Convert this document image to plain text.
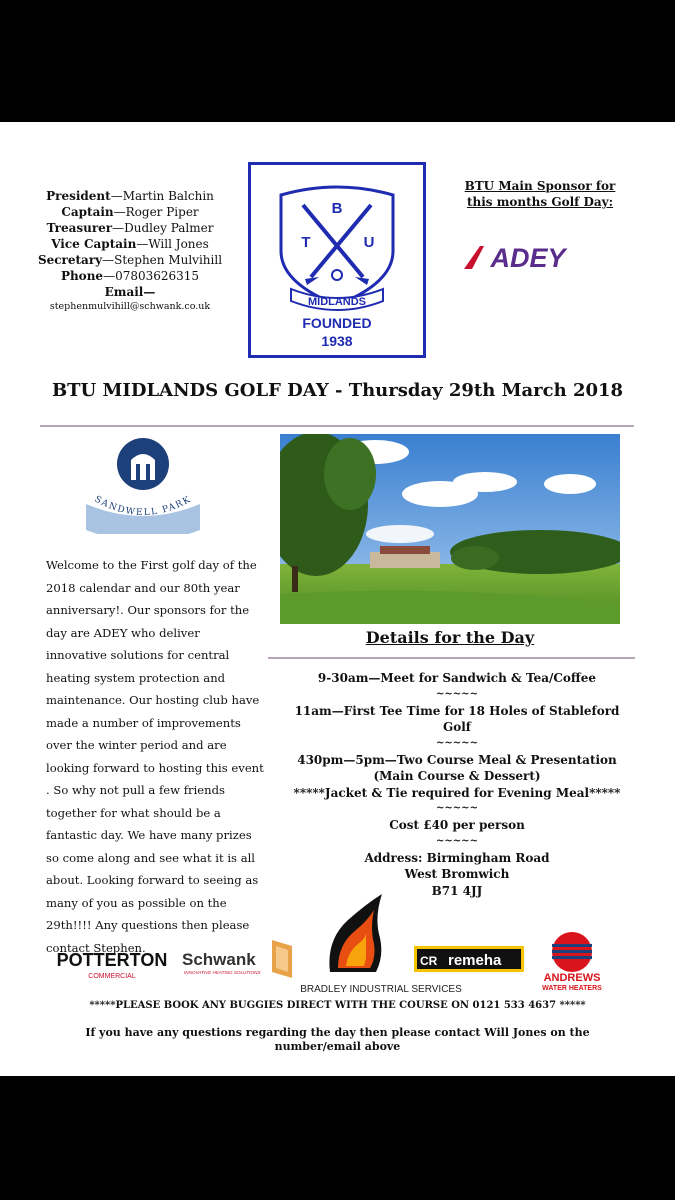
President—Martin Balchin
Captain—Roger Piper
Treasurer—Dudley Palmer
Vice Captain—Will Jones
Secretary—Stephen Mulvihill
Phone—07803626315
Email—
stephenmulvihill@schwank.co.uk
B
T	U
MIDLANDS
FOUNDED
1938
BTU Main Sponsor for
this months Golf Day:
ADEY
BTU MIDLANDS GOLF DAY - Thursday 29th March 2018
SANDWELL PARK
Welcome to the First golf day of the 2018 calendar and our 80th year anniversary!. Our sponsors for the day are ADEY who deliver innovative solutions for central heating system protection and maintenance. Our hosting club have made a number of improvements over the winter period and are looking forward to hosting this event . So why not pull a few friends together for what should be a fantastic day. We have many prizes so come along and see what it is all about. Looking forward to seeing as many of you as possible on the 29th!!!! Any questions then please contact Stephen.
Details for the Day
9-30am—Meet for Sandwich & Tea/Coffee
~~~~~
11am—First Tee Time for 18 Holes of Stableford Golf
~~~~~
430pm—5pm—Two Course Meal & Presentation
(Main Course & Dessert)
*****Jacket & Tie required for Evening Meal*****
~~~~~
Cost £40 per person
~~~~~
Address: Birmingham Road
West Bromwich
B71 4JJ
POTTERTON
COMMERCIAL
Schwank
INNOVATIVE HEATING SOLUTIONS
BRADLEY INDUSTRIAL SERVICES
CR remeha
ANDREWS
WATER HEATERS
*****PLEASE BOOK ANY BUGGIES DIRECT WITH THE COURSE ON 0121 533 4637 *****
If you have any questions regarding the day then please contact Will Jones on the number/email above
